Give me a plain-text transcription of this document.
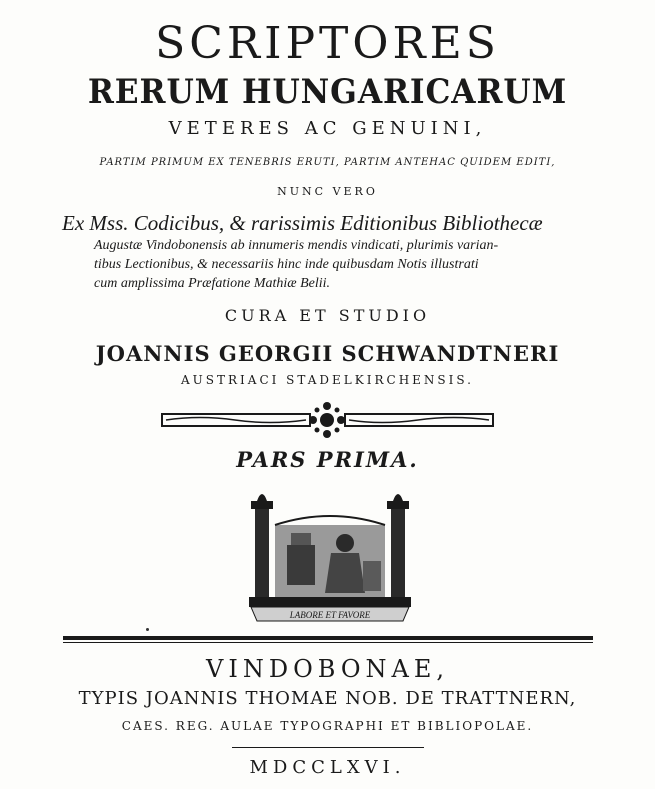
SCRIPTORES
RERUM HUNGARICARUM
VETERES AC GENUINI,
PARTIM PRIMUM EX TENEBRIS ERUTI, PARTIM ANTEHAC QUIDEM EDITI,
NUNC VERO
Ex Mss. Codicibus, & rarissimis Editionibus Bibliothecæ
Augustæ Vindobonensis ab innumeris mendis vindicati, plurimis varian-
tibus Lectionibus, & necessariis hinc inde quibusdam Notis illustrati
cum amplissima Præfatione Mathiæ Belii.
CURA ET STUDIO
JOANNIS GEORGII SCHWANDTNERI
AUSTRIACI STADELKIRCHENSIS.
PARS PRIMA.
LABORE ET FAVORE
VINDOBONAE,
TYPIS JOANNIS THOMAE NOB. DE TRATTNERN,
CAES. REG. AULAE TYPOGRAPHI ET BIBLIOPOLAE.
MDCCLXVI.
